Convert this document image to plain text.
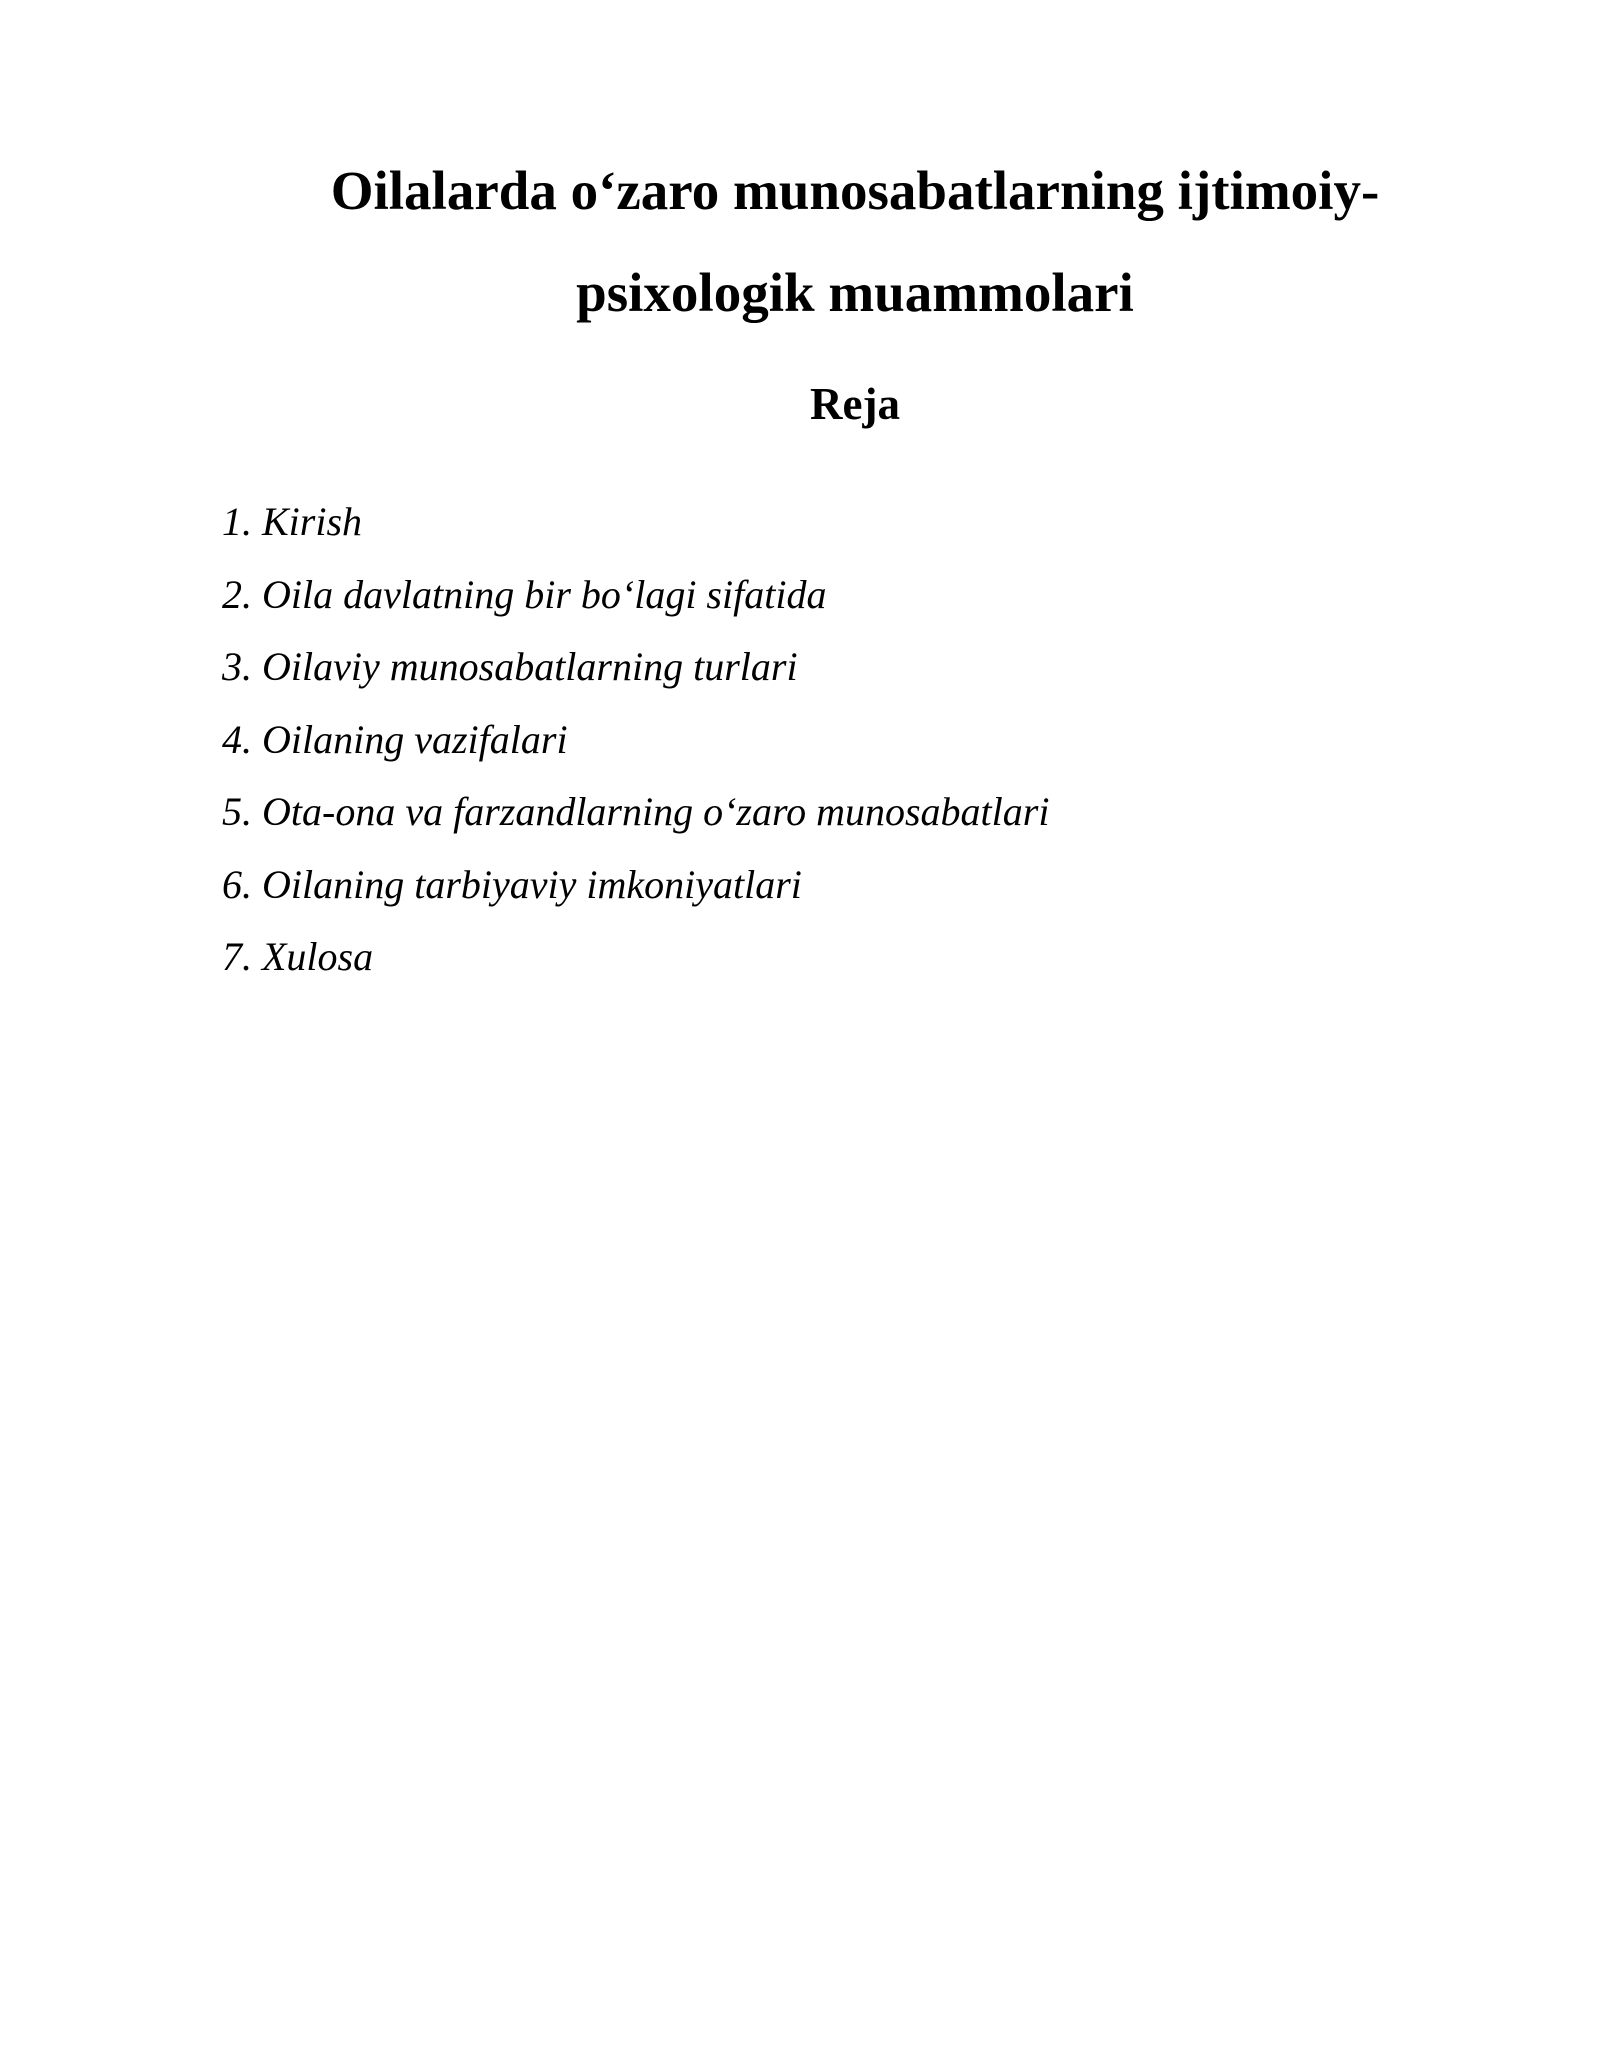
Oilalarda o‘zaro munosabatlarning ijtimoiy-
psixologik muammolari
Reja
1. Kirish
2. Oila davlatning bir bo‘lagi sifatida
3. Oilaviy munosabatlarning turlari
4. Oilaning vazifalari
5. Ota-ona va farzandlarning o‘zaro munosabatlari
6. Oilaning tarbiyaviy imkoniyatlari
7. Xulosa
